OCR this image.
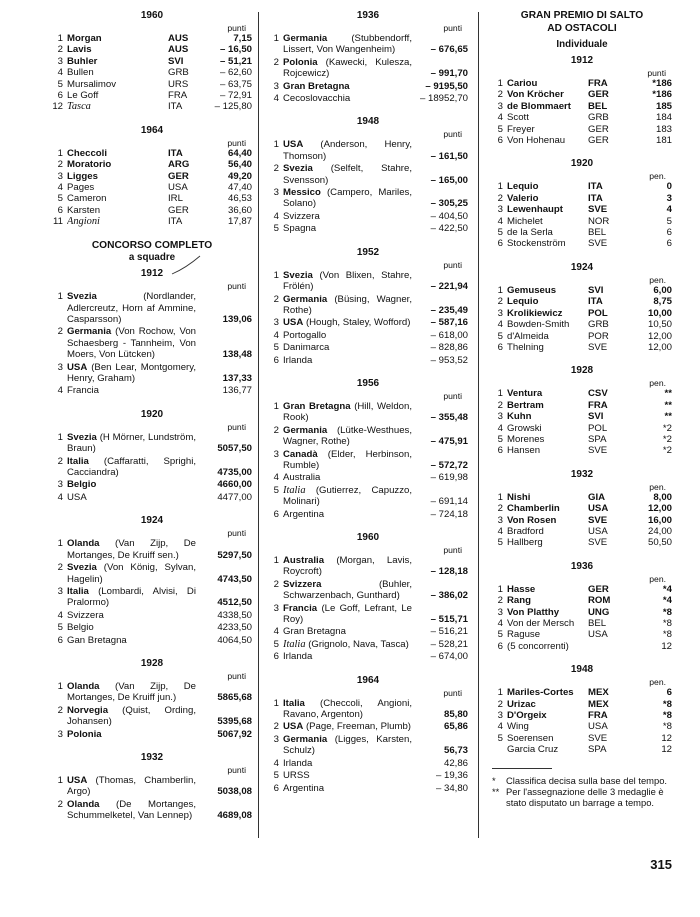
1960
punti
1 Morgan	AUS	7,15
2 Lavis	AUS	– 16,50
3 Buhler	SVI	– 51,21
4 Bullen	GRB	– 62,60
5 Mursalimov	URS	– 63,75
6 Le Goff	FRA	– 72,91
12 Tasca	ITA	– 125,80
1964
punti
1 Checcoli	ITA	64,40
2 Moratorio	ARG	56,40
3 Ligges	GER	49,20
4 Pages	USA	47,40
5 Cameron	IRL	46,53
6 Karsten	GER	36,60
11 Angioni	ITA	17,87
CONCORSO COMPLETO
a squadre
1912
punti
1 Svezia	(Nordlander, Adlercreutz, Horn af Ammine, Casparsson)	139,06
2 Germania (Von Rochow, Von Schaesberg - Tannheim, Von Moers, Von Lütcken)	138,48
3 USA (Ben Lear, Montgomery, Henry, Graham)	137,33
4 Francia	136,77
1920
punti
1 Svezia (H Mörner, Lundström, Braun)	5057,50
2 Italia (Caffaratti, Sprighi, Cacciandra)	4735,00
3 Belgio	4660,00
4 USA	4477,00
1924
punti
1 Olanda (Van Zijp, De Mortanges, De Kruiff sen.)	5297,50
2 Svezia (Von König, Sylvan, Hagelin)	4743,50
3 Italia (Lombardi, Alvisi, Di Pralormo)	4512,50
4 Svizzera	4338,50
5 Belgio	4233,50
6 Gan Bretagna	4064,50
1928
punti
1 Olanda (Van Zijp, De Mortanges, De Kruiff jun.)	5865,68
2 Norvegia (Quist, Ording, Johansen)	5395,68
3 Polonia	5067,92
1932
punti
1 USA (Thomas, Chamberlin, Argo)	5038,08
2 Olanda (De Mortanges, Schummelketel, Van Lennep)	4689,08
1936
punti
1 Germania	(Stubbendorff, Lissert, Von Wangenheim)	– 676,65
2 Polonia (Kawecki, Kulesza, Rojcewicz)	– 991,70
3 Gran Bretagna	– 9195,50
4 Cecoslovacchia	– 18952,70
1948
punti
1 USA (Anderson, Henry, Thomson)	– 161,50
2 Svezia (Selfelt, Stahre, Svensson)	– 165,00
3 Messico (Campero, Mariles, Solano)	– 305,25
4 Svizzera	– 404,50
5 Spagna	– 422,50
1952
punti
1 Svezia (Von Blixen, Stahre, Frölén)	– 221,94
2 Germania (Büsing, Wagner, Rothe)	– 235,49
3 USA (Hough, Staley, Wofford)	– 587,16
4 Portogallo	– 618,00
5 Danimarca	– 828,86
6 Irlanda	– 953,52
1956
punti
1 Gran Bretagna (Hill, Weldon, Rook)	– 355,48
2 Germania (Lütke-Westhues, Wagner, Rothe)	– 475,91
3 Canadà (Elder, Herbinson, Rumble)	– 572,72
4 Australia	– 619,98
5 Italia (Gutierrez, Capuzzo, Molinari)	– 691,14
6 Argentina	– 724,18
1960
punti
1 Australia (Morgan, Lavis, Roycroft)	– 128,18
2 Svizzera	(Buhler, Schwarzenbach, Gunthard)	– 386,02
3 Francia (Le Goff, Lefrant, Le Roy)	– 515,71
4 Gran Bretagna	– 516,21
5 Italia (Grignolo, Nava, Tasca)	– 528,21
6 Irlanda	– 674,00
1964
punti
1 Italia (Checcoli, Angioni, Ravano, Argenton)	85,80
2 USA (Page, Freeman, Plumb)	65,86
3 Germania (Ligges, Karsten, Schulz)	56,73
4 Irlanda	42,86
5 URSS	– 19,36
6 Argentina	– 34,80
GRAN PREMIO DI SALTO
AD OSTACOLI
Individuale
1912
punti
1 Cariou	FRA	*186
2 Von Kröcher	GER	*186
3 de Blommaert	BEL	185
4 Scott	GRB	184
5 Freyer	GER	183
6 Von Hohenau	GER	181
1920
pen.
1 Lequio	ITA	0
2 Valerio	ITA	3
3 Lewenhaupt	SVE	4
4 Michelet	NOR	5
5 de la Serla	BEL	6
6 Stockenström	SVE	6
1924
pen.
1 Gemuseus	SVI	6,00
2 Lequio	ITA	8,75
3 Krolikiewicz	POL	10,00
4 Bowden-Smith	GRB	10,50
5 d'Almeida	POR	12,00
6 Thelning	SVE	12,00
1928
pen.
1 Ventura	CSV	**
2 Bertram	FRA	**
3 Kuhn	SVI	**
4 Growski	POL	*2
5 Morenes	SPA	*2
6 Hansen	SVE	*2
1932
pen.
1 Nishi	GIA	8,00
2 Chamberlin	USA	12,00
3 Von Rosen	SVE	16,00
4 Bradford	USA	24,00
5 Hallberg	SVE	50,50
1936
pen.
1 Hasse	GER	*4
2 Rang	ROM	*4
3 Von Platthy	UNG	*8
4 Von der Mersch	BEL	*8
5 Raguse	USA	*8
6 (5 concorrenti)	12
1948
pen.
1 Mariles-Cortes	MEX	6
2 Urizac	MEX	*8
3 D'Orgeix	FRA	*8
4 Wing	USA	*8
5 Soerensen	SVE	12
Garcia Cruz	SPA	12
*	Classifica decisa sulla base del tempo.
** Per l'assegnazione delle 3 medaglie è stato disputato un barrage a tempo.
315
